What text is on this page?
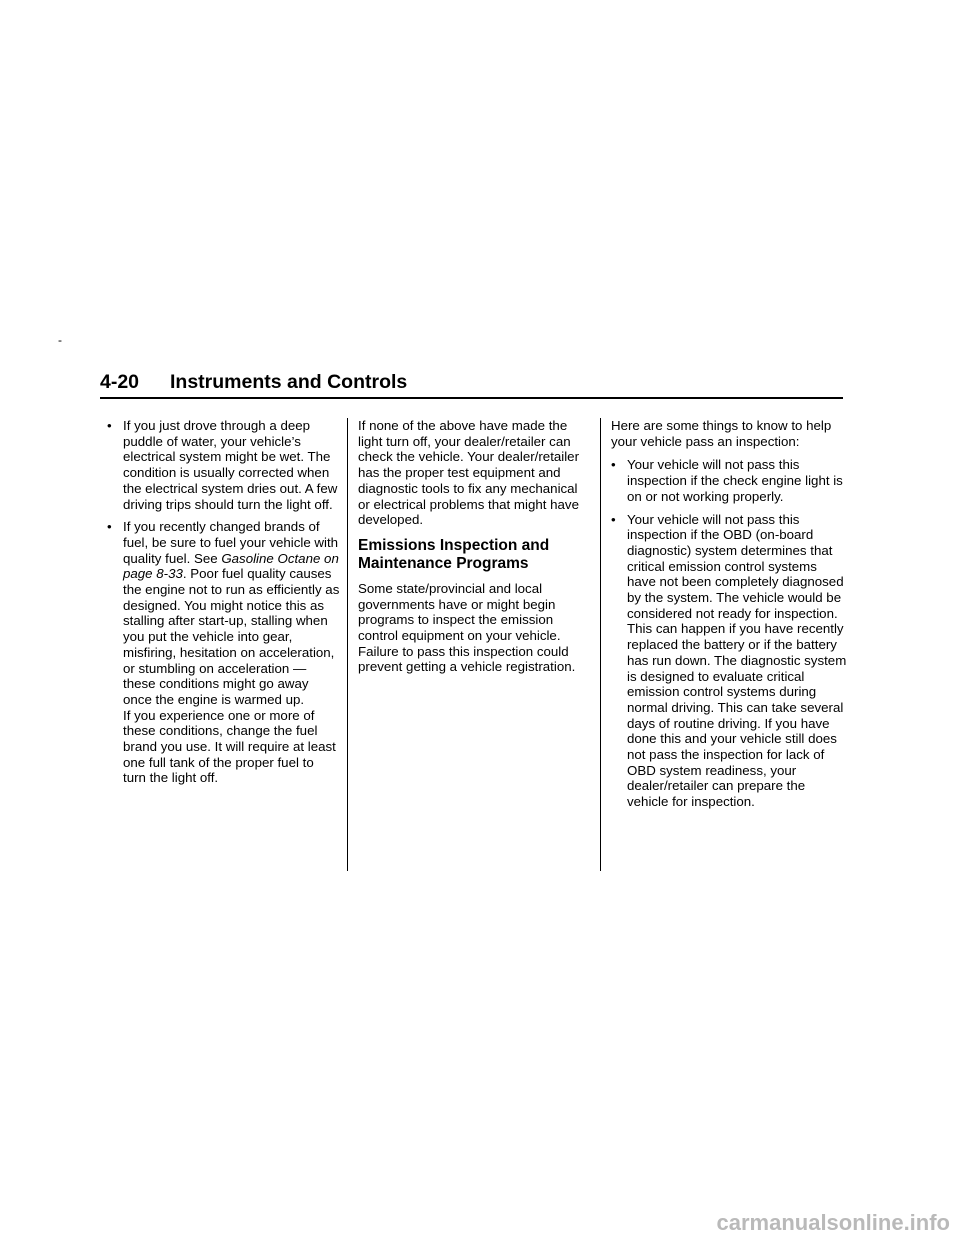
-
4-20 Instruments and Controls
• If you just drove through a deep puddle of water, your vehicle’s electrical system might be wet. The condition is usually corrected when the electrical system dries out. A few driving trips should turn the light off.

• If you recently changed brands of fuel, be sure to fuel your vehicle with quality fuel. See Gasoline Octane on page 8‑33. Poor fuel quality causes the engine not to run as efficiently as designed. You might notice this as stalling after start-up, stalling when you put the vehicle into gear, misfiring, hesitation on acceleration, or stumbling on acceleration — these conditions might go away once the engine is warmed up.

If you experience one or more of these conditions, change the fuel brand you use. It will require at least one full tank of the proper fuel to turn the light off.

If none of the above have made the light turn off, your dealer/retailer can check the vehicle. Your dealer/retailer has the proper test equipment and diagnostic tools to fix any mechanical or electrical problems that might have developed.

Emissions Inspection and Maintenance Programs

Some state/provincial and local governments have or might begin programs to inspect the emission control equipment on your vehicle. Failure to pass this inspection could prevent getting a vehicle registration.

Here are some things to know to help your vehicle pass an inspection:

• Your vehicle will not pass this inspection if the check engine light is on or not working properly.

• Your vehicle will not pass this inspection if the OBD (on-board diagnostic) system determines that critical emission control systems have not been completely diagnosed by the system. The vehicle would be considered not ready for inspection. This can happen if you have recently replaced the battery or if the battery has run down. The diagnostic system is designed to evaluate critical emission control systems during normal driving. This can take several days of routine driving. If you have done this and your vehicle still does not pass the inspection for lack of OBD system readiness, your dealer/retailer can prepare the vehicle for inspection.

carmanualsonline.info
